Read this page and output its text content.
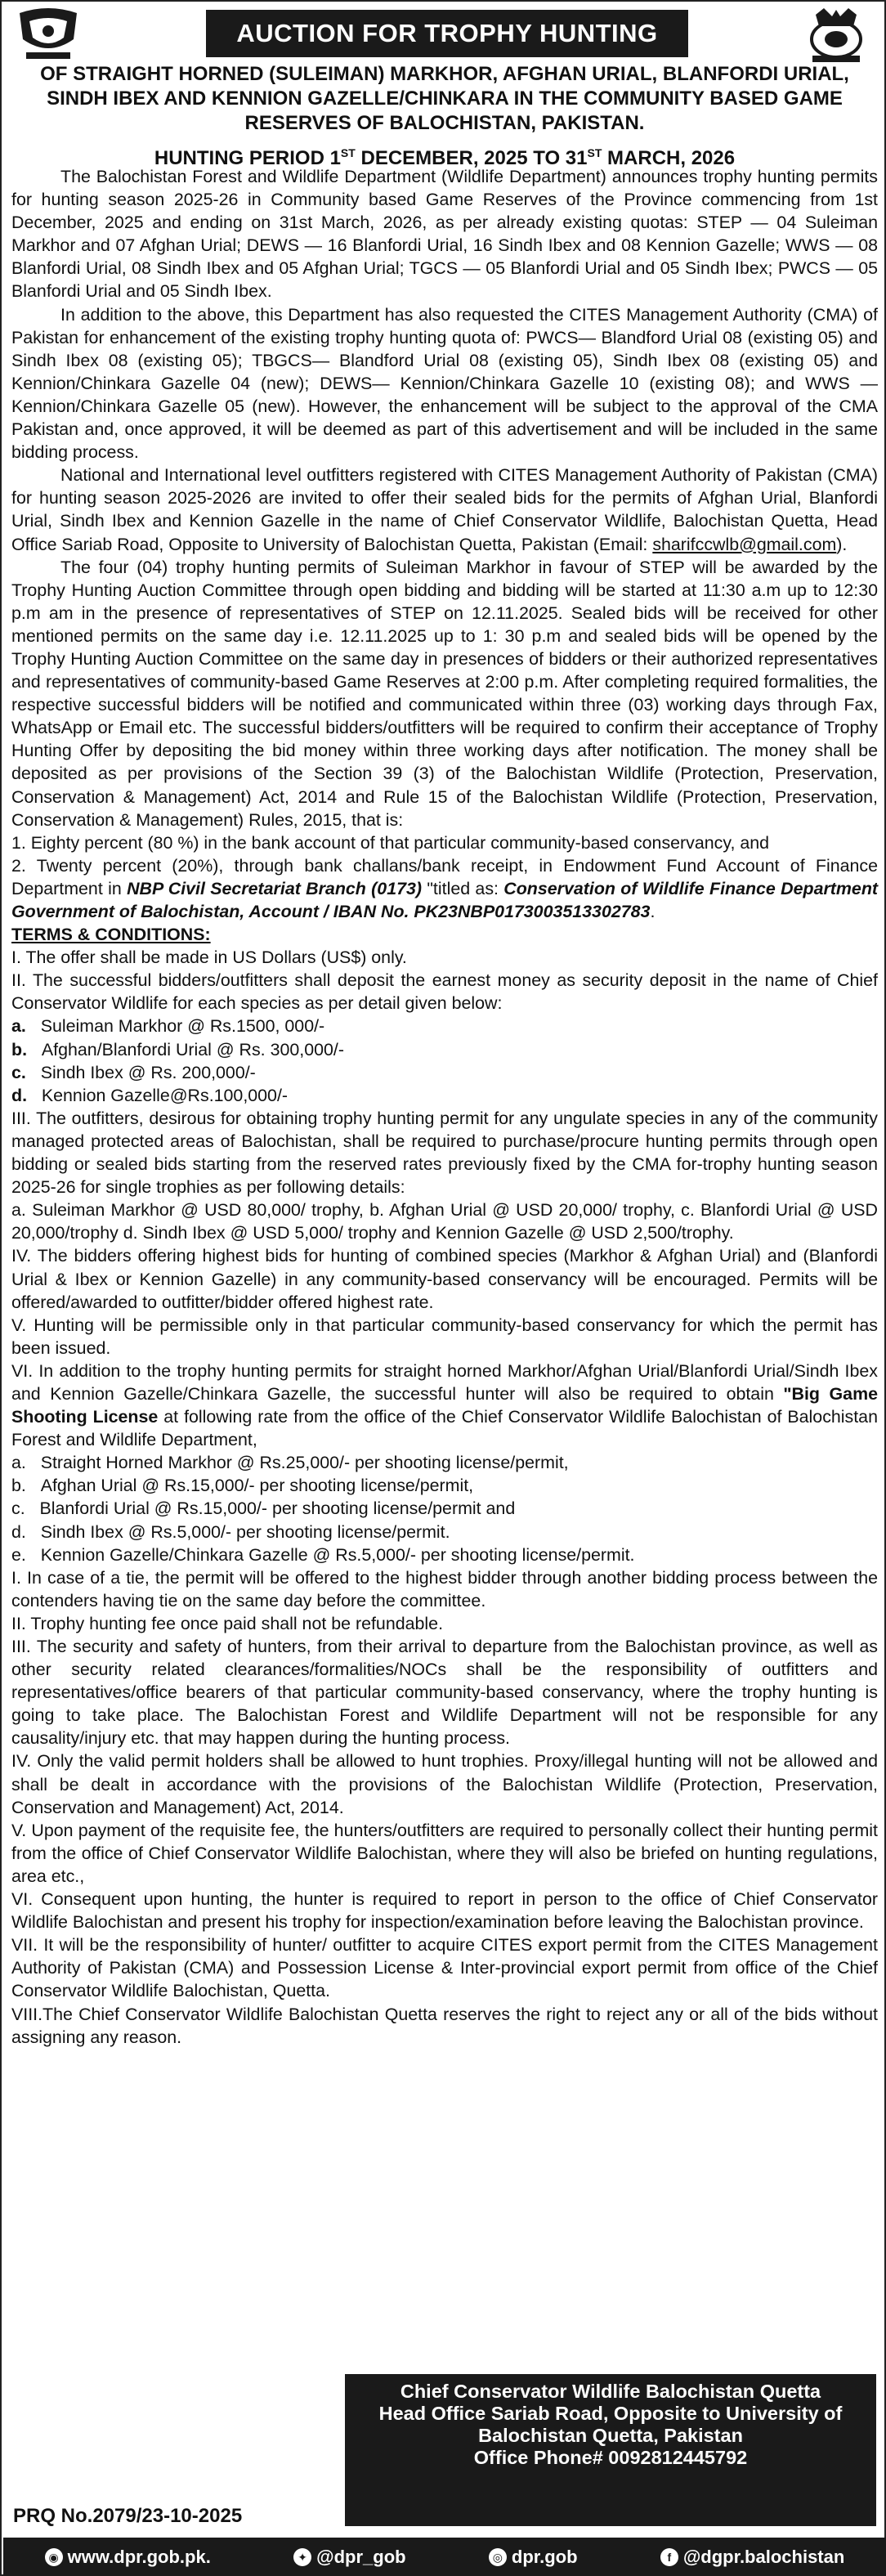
AUCTION FOR TROPHY HUNTING
OF STRAIGHT HORNED (SULEIMAN) MARKHOR, AFGHAN URIAL, BLANFORDI URIAL, SINDH IBEX AND KENNION GAZELLE/CHINKARA IN THE COMMUNITY BASED GAME RESERVES OF BALOCHISTAN, PAKISTAN.
HUNTING PERIOD 1ST DECEMBER, 2025 TO 31ST MARCH, 2026

The Balochistan Forest and Wildlife Department (Wildlife Department) announces trophy hunting permits for hunting season 2025-26 in Community based Game Reserves of the Province commencing from 1st December, 2025 and ending on 31st March, 2026, as per already existing quotas: STEP — 04 Suleiman Markhor and 07 Afghan Urial; DEWS — 16 Blanfordi Urial, 16 Sindh Ibex and 08 Kennion Gazelle; WWS — 08 Blanfordi Urial, 08 Sindh Ibex and 05 Afghan Urial; TGCS — 05 Blanfordi Urial and 05 Sindh Ibex; PWCS — 05 Blanfordi Urial and 05 Sindh Ibex.

In addition to the above, this Department has also requested the CITES Management Authority (CMA) of Pakistan for enhancement of the existing trophy hunting quota of: PWCS— Blandford Urial 08 (existing 05) and Sindh Ibex 08 (existing 05); TBGCS— Blandford Urial 08 (existing 05), Sindh Ibex 08 (existing 05) and Kennion/Chinkara Gazelle 04 (new); DEWS— Kennion/Chinkara Gazelle 10 (existing 08); and WWS — Kennion/Chinkara Gazelle 05 (new). However, the enhancement will be subject to the approval of the CMA Pakistan and, once approved, it will be deemed as part of this advertisement and will be included in the same bidding process.

National and International level outfitters registered with CITES Management Authority of Pakistan (CMA) for hunting season 2025-2026 are invited to offer their sealed bids for the permits of Afghan Urial, Blanfordi Urial, Sindh Ibex and Kennion Gazelle in the name of Chief Conservator Wildlife, Balochistan Quetta, Head Office Sariab Road, Opposite to University of Balochistan Quetta, Pakistan (Email: sharifccwlb@gmail.com).

The four (04) trophy hunting permits of Suleiman Markhor in favour of STEP will be awarded by the Trophy Hunting Auction Committee through open bidding and bidding will be started at 11:30 a.m up to 12:30 p.m am in the presence of representatives of STEP on 12.11.2025. Sealed bids will be received for other mentioned permits on the same day i.e. 12.11.2025 up to 1: 30 p.m and sealed bids will be opened by the Trophy Hunting Auction Committee on the same day in presences of bidders or their authorized representatives and representatives of community-based Game Reserves at 2:00 p.m. After completing required formalities, the respective successful bidders will be notified and communicated within three (03) working days through Fax, WhatsApp or Email etc. The successful bidders/outfitters will be required to confirm their acceptance of Trophy Hunting Offer by depositing the bid money within three working days after notification. The money shall be deposited as per provisions of the Section 39 (3) of the Balochistan Wildlife (Protection, Preservation, Conservation & Management) Act, 2014 and Rule 15 of the Balochistan Wildlife (Protection, Preservation, Conservation & Management) Rules, 2015, that is:

1. Eighty percent (80 %) in the bank account of that particular community-based conservancy, and

2. Twenty percent (20%), through bank challans/bank receipt, in Endowment Fund Account of Finance Department in NBP Civil Secretariat Branch (0173) "titled as: Conservation of Wildlife Finance Department Government of Balochistan, Account / IBAN No. PK23NBP0173003513302783.

TERMS & CONDITIONS:

I. The offer shall be made in US Dollars (US$) only.

II. The successful bidders/outfitters shall deposit the earnest money as security deposit in the name of Chief Conservator Wildlife for each species as per detail given below:

a. Suleiman Markhor @ Rs.1500, 000/-

b. Afghan/Blanfordi Urial @ Rs. 300,000/-

c. Sindh Ibex @ Rs. 200,000/-

d. Kennion Gazelle@Rs.100,000/-

III. The outfitters, desirous for obtaining trophy hunting permit for any ungulate species in any of the community managed protected areas of Balochistan, shall be required to purchase/procure hunting permits through open bidding or sealed bids starting from the reserved rates previously fixed by the CMA for-trophy hunting season 2025-26 for single trophies as per following details:

a. Suleiman Markhor @ USD 80,000/ trophy, b. Afghan Urial @ USD 20,000/ trophy, c. Blanfordi Urial @ USD 20,000/trophy d. Sindh Ibex @ USD 5,000/ trophy and Kennion Gazelle @ USD 2,500/trophy.

IV. The bidders offering highest bids for hunting of combined species (Markhor & Afghan Urial) and (Blanfordi Urial & Ibex or Kennion Gazelle) in any community-based conservancy will be encouraged. Permits will be offered/awarded to outfitter/bidder offered highest rate.

V. Hunting will be permissible only in that particular community-based conservancy for which the permit has been issued.

VI. In addition to the trophy hunting permits for straight horned Markhor/Afghan Urial/Blanfordi Urial/Sindh Ibex and Kennion Gazelle/Chinkara Gazelle, the successful hunter will also be required to obtain "Big Game Shooting License at following rate from the office of the Chief Conservator Wildlife Balochistan of Balochistan Forest and Wildlife Department,

a. Straight Horned Markhor @ Rs.25,000/- per shooting license/permit,

b. Afghan Urial @ Rs.15,000/- per shooting license/permit,

c. Blanfordi Urial @ Rs.15,000/- per shooting license/permit and

d. Sindh Ibex @ Rs.5,000/- per shooting license/permit.

e. Kennion Gazelle/Chinkara Gazelle @ Rs.5,000/- per shooting license/permit.

I. In case of a tie, the permit will be offered to the highest bidder through another bidding process between the contenders having tie on the same day before the committee.

II. Trophy hunting fee once paid shall not be refundable.

III. The security and safety of hunters, from their arrival to departure from the Balochistan province, as well as other security related clearances/formalities/NOCs shall be the responsibility of outfitters and representatives/office bearers of that particular community-based conservancy, where the trophy hunting is going to take place. The Balochistan Forest and Wildlife Department will not be responsible for any causality/injury etc. that may happen during the hunting process.

IV. Only the valid permit holders shall be allowed to hunt trophies. Proxy/illegal hunting will not be allowed and shall be dealt in accordance with the provisions of the Balochistan Wildlife (Protection, Preservation, Conservation and Management) Act, 2014.

V. Upon payment of the requisite fee, the hunters/outfitters are required to personally collect their hunting permit from the office of Chief Conservator Wildlife Balochistan, where they will also be briefed on hunting regulations, area etc.,

VI. Consequent upon hunting, the hunter is required to report in person to the office of Chief Conservator Wildlife Balochistan and present his trophy for inspection/examination before leaving the Balochistan province.

VII. It will be the responsibility of hunter/ outfitter to acquire CITES export permit from the CITES Management Authority of Pakistan (CMA) and Possession License & Inter-provincial export permit from office of the Chief Conservator Wildlife Balochistan, Quetta.

VIII.The Chief Conservator Wildlife Balochistan Quetta reserves the right to reject any or all of the bids without assigning any reason.

Chief Conservator Wildlife Balochistan Quetta
Head Office Sariab Road, Opposite to University of
Balochistan Quetta, Pakistan
Office Phone# 0092812445792
PRQ No.2079/23-10-2025
◉ www.dpr.gob.pk.	✦ @dpr_gob	◎ dpr.gob	f @dgpr.balochistan
